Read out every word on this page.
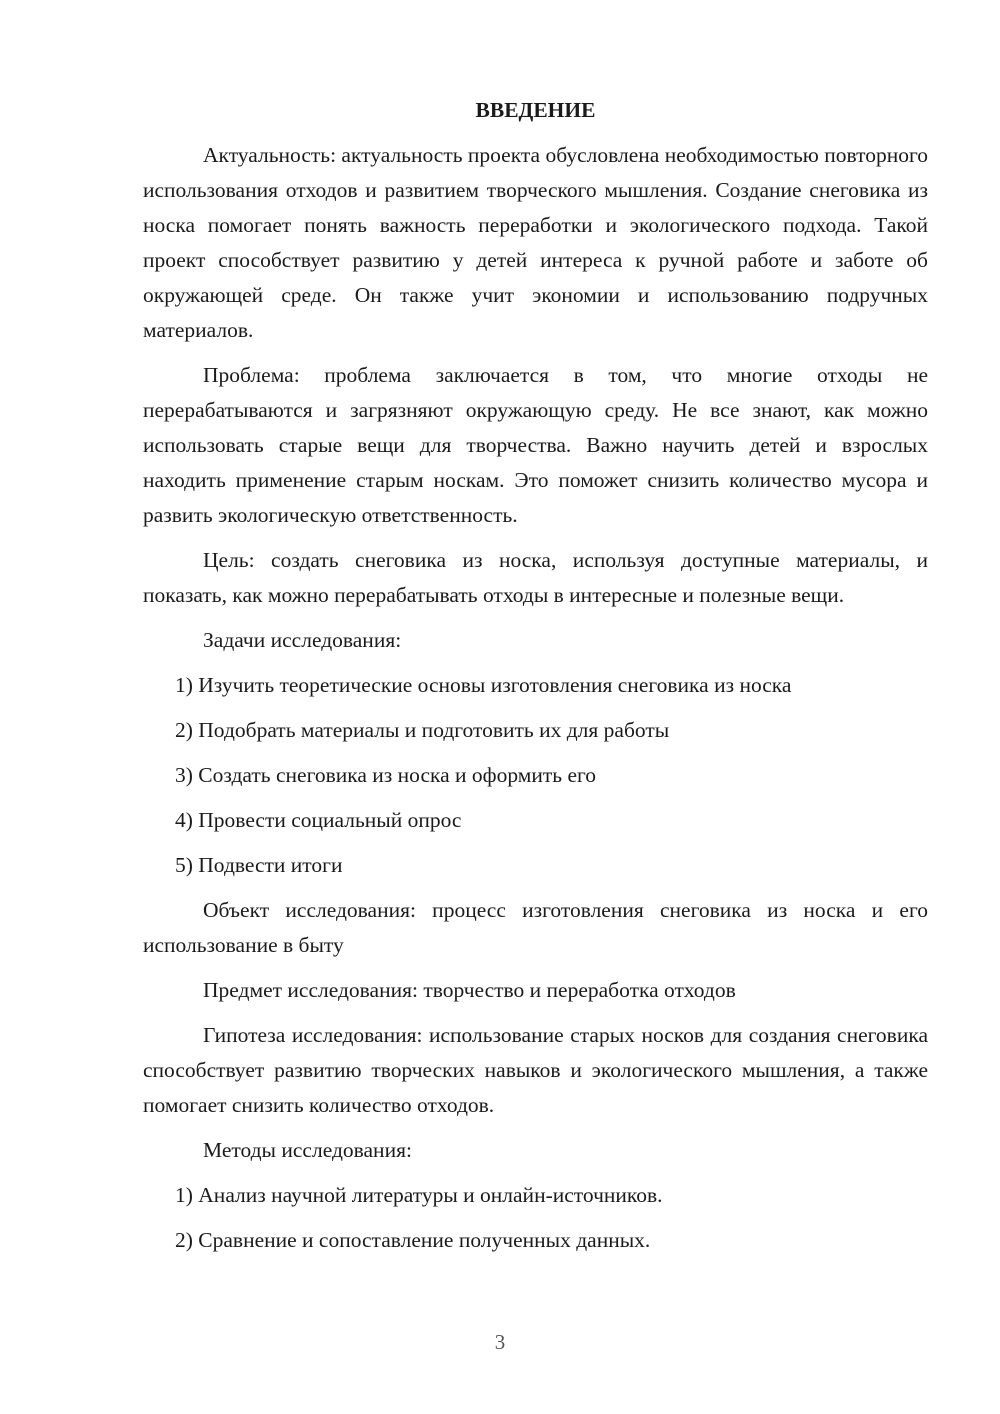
ВВЕДЕНИЕ

Актуальность: актуальность проекта обусловлена необходимостью повторного использования отходов и развитием творческого мышления. Создание снеговика из носка помогает понять важность переработки и экологического подхода. Такой проект способствует развитию у детей интереса к ручной работе и заботе об окружающей среде. Он также учит экономии и использованию подручных материалов.

Проблема: проблема заключается в том, что многие отходы не перерабатываются и загрязняют окружающую среду. Не все знают, как можно использовать старые вещи для творчества. Важно научить детей и взрослых находить применение старым носкам. Это поможет снизить количество мусора и развить экологическую ответственность.

Цель: создать снеговика из носка, используя доступные материалы, и показать, как можно перерабатывать отходы в интересные и полезные вещи.

Задачи исследования:

1) Изучить теоретические основы изготовления снеговика из носка

2) Подобрать материалы и подготовить их для работы

3) Создать снеговика из носка и оформить его

4) Провести социальный опрос

5) Подвести итоги

Объект исследования: процесс изготовления снеговика из носка и его использование в быту

Предмет исследования: творчество и переработка отходов

Гипотеза исследования: использование старых носков для создания снеговика способствует развитию творческих навыков и экологического мышления, а также помогает снизить количество отходов.

Методы исследования:

1) Анализ научной литературы и онлайн-источников.

2) Сравнение и сопоставление полученных данных.

3
